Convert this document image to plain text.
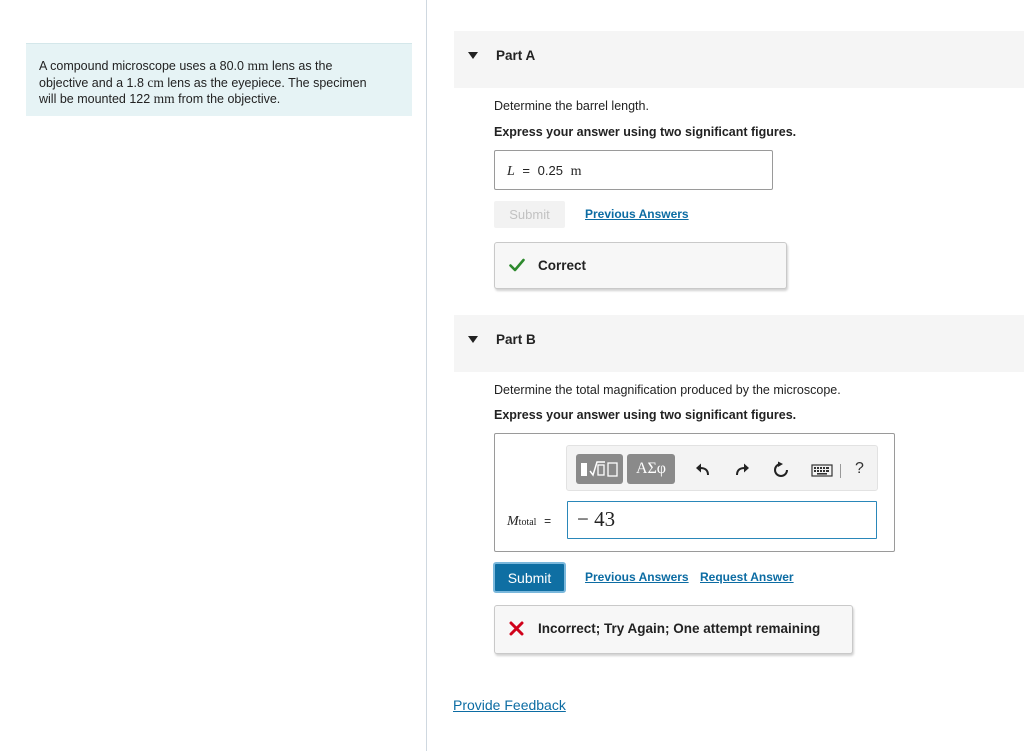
A compound microscope uses a 80.0 mm lens as the
objective and a 1.8 cm lens as the eyepiece. The specimen
will be mounted 122 mm from the objective.
Part A
Determine the barrel length.
Express your answer using two significant figures.
L = 0.25 m
Submit	Previous Answers
Correct
Part B
Determine the total magnification produced by the microscope.
Express your answer using two significant figures.
ΑΣφ	?
Mtotal = − 43
Submit	Previous Answers Request Answer
Incorrect; Try Again; One attempt remaining
Provide Feedback
